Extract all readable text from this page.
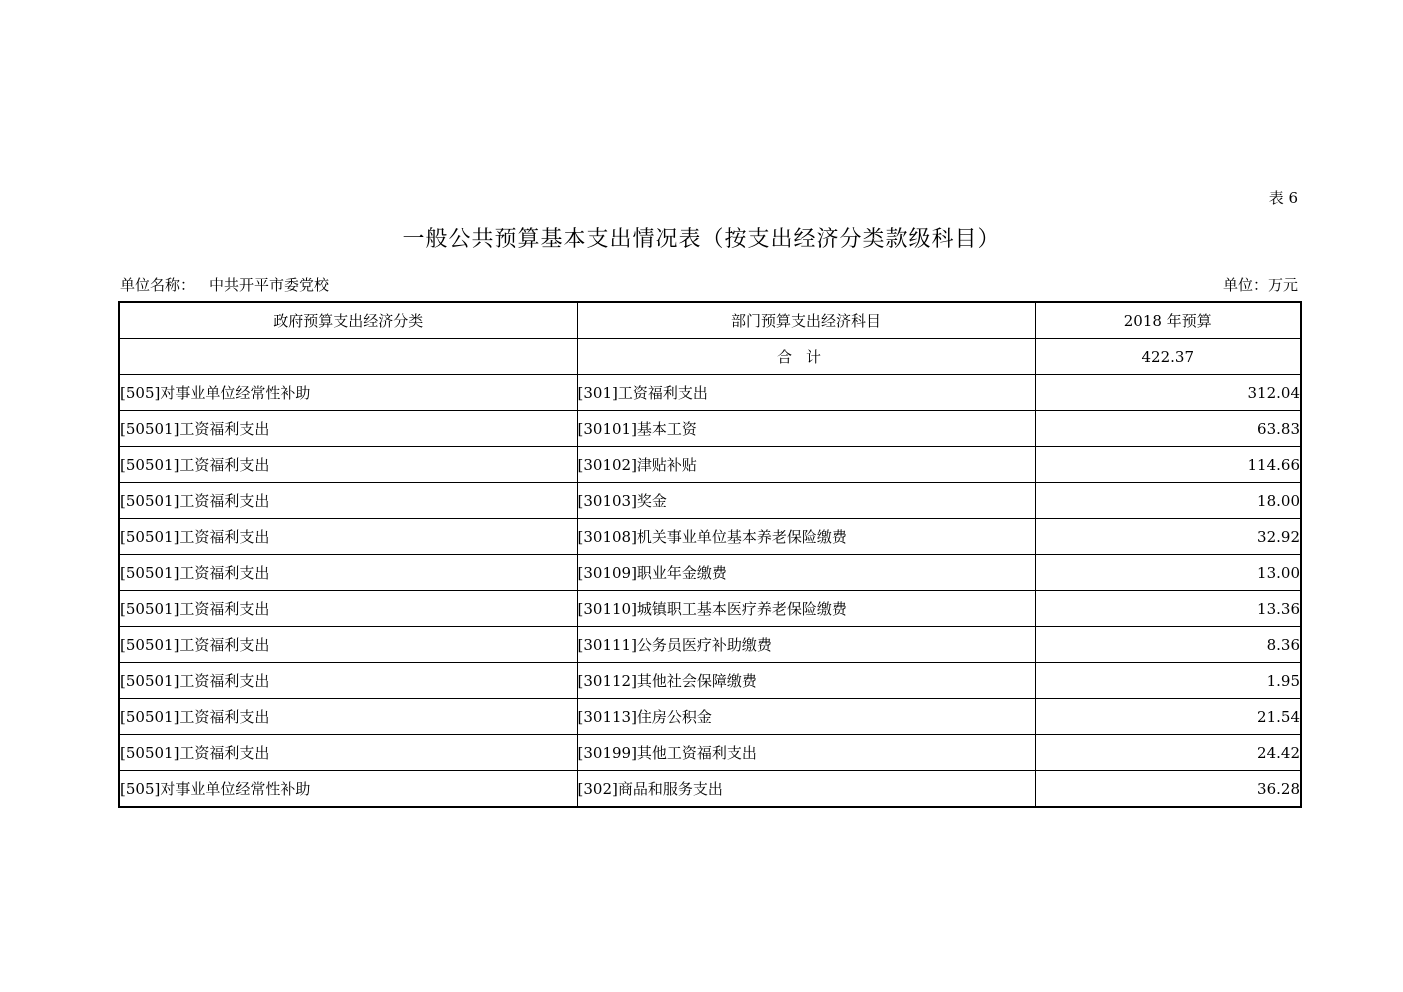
表 6
一般公共预算基本支出情况表（按支出经济分类款级科目）
单位名称： 中共开平市委党校	单位：万元
政府预算支出经济分类	部门预算支出经济科目	2018 年预算
	合计	422.37
[505]对事业单位经常性补助	[301]工资福利支出	312.04
[50501]工资福利支出	[30101]基本工资	63.83
[50501]工资福利支出	[30102]津贴补贴	114.66
[50501]工资福利支出	[30103]奖金	18.00
[50501]工资福利支出	[30108]机关事业单位基本养老保险缴费	32.92
[50501]工资福利支出	[30109]职业年金缴费	13.00
[50501]工资福利支出	[30110]城镇职工基本医疗养老保险缴费	13.36
[50501]工资福利支出	[30111]公务员医疗补助缴费	8.36
[50501]工资福利支出	[30112]其他社会保障缴费	1.95
[50501]工资福利支出	[30113]住房公积金	21.54
[50501]工资福利支出	[30199]其他工资福利支出	24.42
[505]对事业单位经常性补助	[302]商品和服务支出	36.28
